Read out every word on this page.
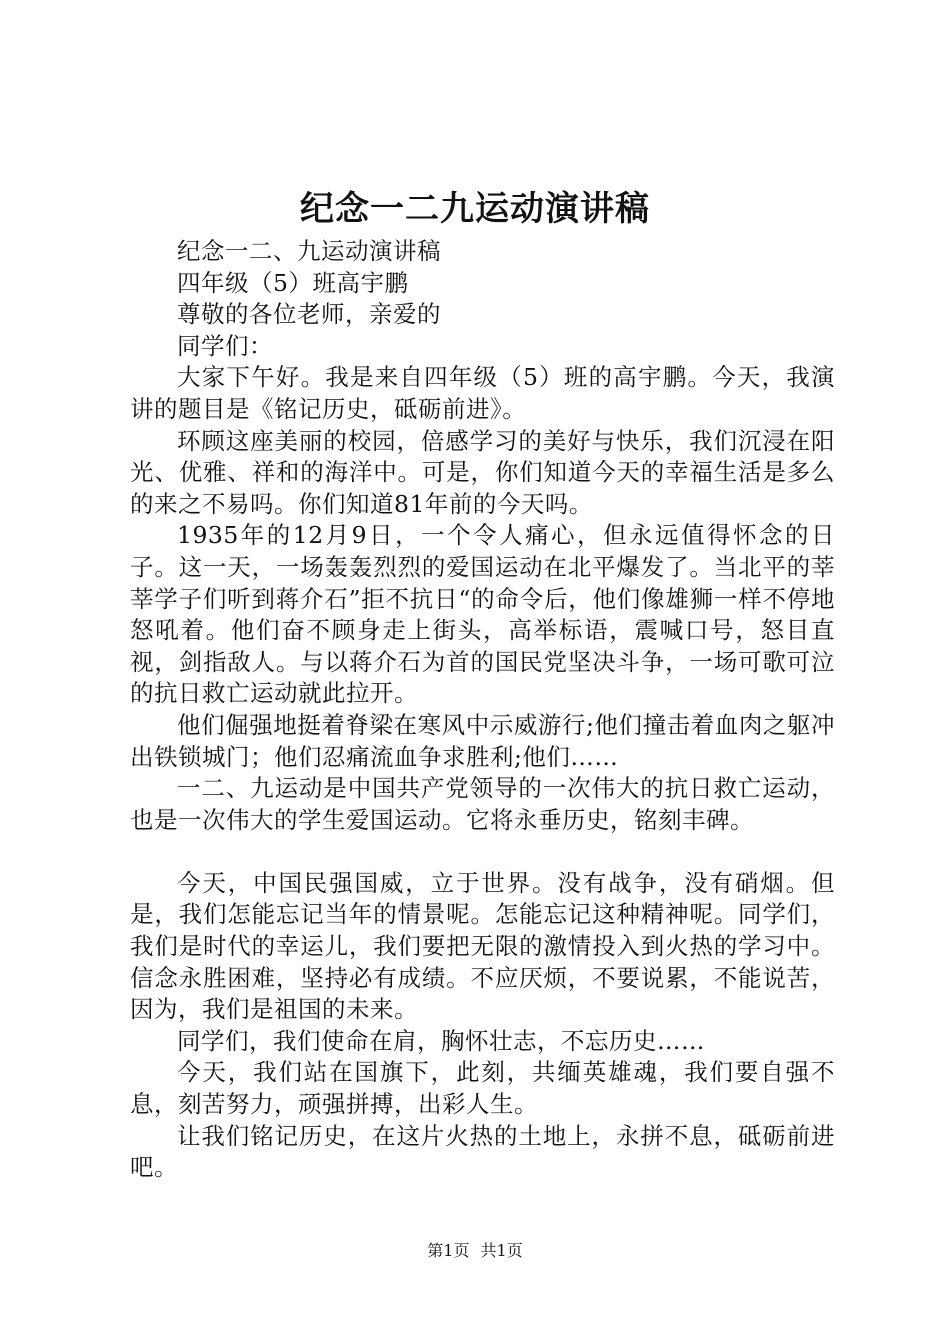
纪念一二九运动演讲稿

纪念一二、九运动演讲稿

四年级（5）班高宇鹏

尊敬的各位老师，亲爱的

同学们：

大家下午好。我是来自四年级（5）班的高宇鹏。今天，我演讲的题目是《铭记历史，砥砺前进》。

环顾这座美丽的校园，倍感学习的美好与快乐，我们沉浸在阳光、优雅、祥和的海洋中。可是，你们知道今天的幸福生活是多么的来之不易吗。你们知道81年前的今天吗。

1935年的12月9日，一个令人痛心，但永远值得怀念的日子。这一天，一场轰轰烈烈的爱国运动在北平爆发了。当北平的莘莘学子们听到蒋介石”拒不抗日“的命令后，他们像雄狮一样不停地怒吼着。他们奋不顾身走上街头，高举标语，震喊口号，怒目直视，剑指敌人。与以蒋介石为首的国民党坚决斗争，一场可歌可泣的抗日救亡运动就此拉开。

他们倔强地挺着脊梁在寒风中示威游行;他们撞击着血肉之躯冲出铁锁城门；他们忍痛流血争求胜利;他们……

一二、九运动是中国共产党领导的一次伟大的抗日救亡运动，也是一次伟大的学生爱国运动。它将永垂历史，铭刻丰碑。

今天，中国民强国威，立于世界。没有战争，没有硝烟。但是，我们怎能忘记当年的情景呢。怎能忘记这种精神呢。同学们，我们是时代的幸运儿，我们要把无限的激情投入到火热的学习中。信念永胜困难，坚持必有成绩。不应厌烦，不要说累，不能说苦，因为，我们是祖国的未来。

同学们，我们使命在肩，胸怀壮志，不忘历史……

今天，我们站在国旗下，此刻，共缅英雄魂，我们要自强不息，刻苦努力，顽强拼搏，出彩人生。

让我们铭记历史，在这片火热的土地上，永拼不息，砥砺前进吧。

第1页 共1页
